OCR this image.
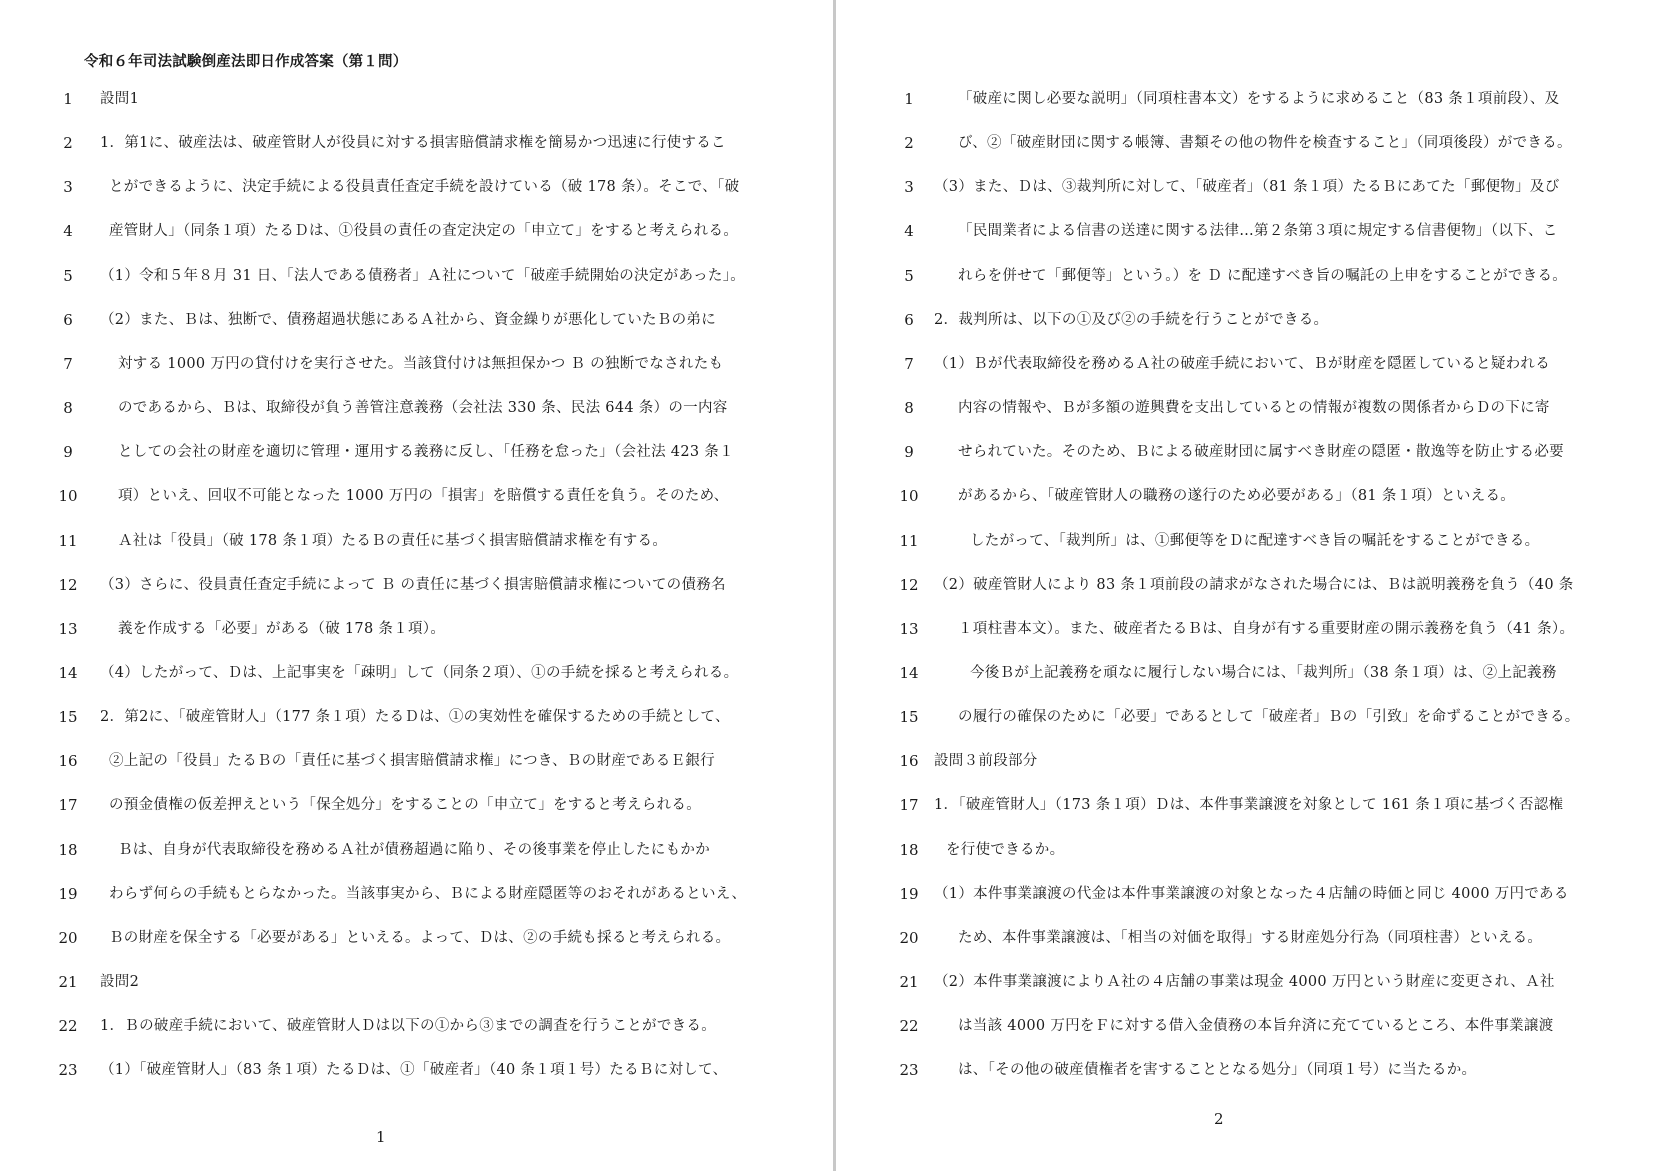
令和６年司法試験倒産法即日作成答案（第１問）
1	設問1
2	1．第1に、破産法は、破産管財人が役員に対する損害賠償請求権を簡易かつ迅速に行使するこ
3	とができるように、決定手続による役員責任査定手続を設けている（破 178 条）。そこで、「破
4	産管財人」（同条１項）たるＤは、①役員の責任の査定決定の「申立て」をすると考えられる。
5	（1）令和５年８月 31 日、「法人である債務者」Ａ社について「破産手続開始の決定があった」。
6	（2）また、Ｂは、独断で、債務超過状態にあるＡ社から、資金繰りが悪化していたＢの弟に
7	対する 1000 万円の貸付けを実行させた。当該貸付けは無担保かつ Ｂ の独断でなされたも
8	のであるから、Ｂは、取締役が負う善管注意義務（会社法 330 条、民法 644 条）の一内容
9	としての会社の財産を適切に管理・運用する義務に反し、「任務を怠った」（会社法 423 条１
10	項）といえ、回収不可能となった 1000 万円の「損害」を賠償する責任を負う。そのため、
11	Ａ社は「役員」（破 178 条１項）たるＢの責任に基づく損害賠償請求権を有する。
12	（3）さらに、役員責任査定手続によって Ｂ の責任に基づく損害賠償請求権についての債務名
13	義を作成する「必要」がある（破 178 条１項）。
14	（4）したがって、Ｄは、上記事実を「疎明」して（同条２項）、①の手続を採ると考えられる。
15	2．第2に、「破産管財人」（177 条１項）たるＤは、①の実効性を確保するための手続として、
16	②上記の「役員」たるＢの「責任に基づく損害賠償請求権」につき、Ｂの財産であるＥ銀行
17	の預金債権の仮差押えという「保全処分」をすることの「申立て」をすると考えられる。
18	Ｂは、自身が代表取締役を務めるＡ社が債務超過に陥り、その後事業を停止したにもかか
19	わらず何らの手続もとらなかった。当該事実から、Ｂによる財産隠匿等のおそれがあるといえ、
20	Ｂの財産を保全する「必要がある」といえる。よって、Ｄは、②の手続も採ると考えられる。
21	設問2
22	1．Ｂの破産手続において、破産管財人Ｄは以下の①から③までの調査を行うことができる。
23	（1）「破産管財人」（83 条１項）たるＤは、①「破産者」（40 条１項１号）たるＢに対して、
1
1	「破産に関し必要な説明」（同項柱書本文）をするように求めること（83 条１項前段）、及
2	び、②「破産財団に関する帳簿、書類その他の物件を検査すること」（同項後段）ができる。
3	（3）また、Ｄは、③裁判所に対して、「破産者」（81 条１項）たるＢにあてた「郵便物」及び
4	「民間業者による信書の送達に関する法律…第２条第３項に規定する信書便物」（以下、こ
5	れらを併せて「郵便等」という。）を Ｄ に配達すべき旨の嘱託の上申をすることができる。
6	2．裁判所は、以下の①及び②の手続を行うことができる。
7	（1）Ｂが代表取締役を務めるＡ社の破産手続において、Ｂが財産を隠匿していると疑われる
8	内容の情報や、Ｂが多額の遊興費を支出しているとの情報が複数の関係者からＤの下に寄
9	せられていた。そのため、Ｂによる破産財団に属すべき財産の隠匿・散逸等を防止する必要
10	があるから、「破産管財人の職務の遂行のため必要がある」（81 条１項）といえる。
11	したがって、「裁判所」は、①郵便等をＤに配達すべき旨の嘱託をすることができる。
12	（2）破産管財人により 83 条１項前段の請求がなされた場合には、Ｂは説明義務を負う（40 条
13	１項柱書本文）。また、破産者たるＢは、自身が有する重要財産の開示義務を負う（41 条）。
14	今後Ｂが上記義務を頑なに履行しない場合には、「裁判所」（38 条１項）は、②上記義務
15	の履行の確保のために「必要」であるとして「破産者」Ｂの「引致」を命ずることができる。
16	設問３前段部分
17	1．「破産管財人」（173 条１項）Ｄは、本件事業譲渡を対象として 161 条１項に基づく否認権
18	を行使できるか。
19	（1）本件事業譲渡の代金は本件事業譲渡の対象となった４店舗の時価と同じ 4000 万円である
20	ため、本件事業譲渡は、「相当の対価を取得」する財産処分行為（同項柱書）といえる。
21	（2）本件事業譲渡によりＡ社の４店舗の事業は現金 4000 万円という財産に変更され、Ａ社
22	は当該 4000 万円をＦに対する借入金債務の本旨弁済に充てているところ、本件事業譲渡
23	は、「その他の破産債権者を害することとなる処分」（同項１号）に当たるか。
2
